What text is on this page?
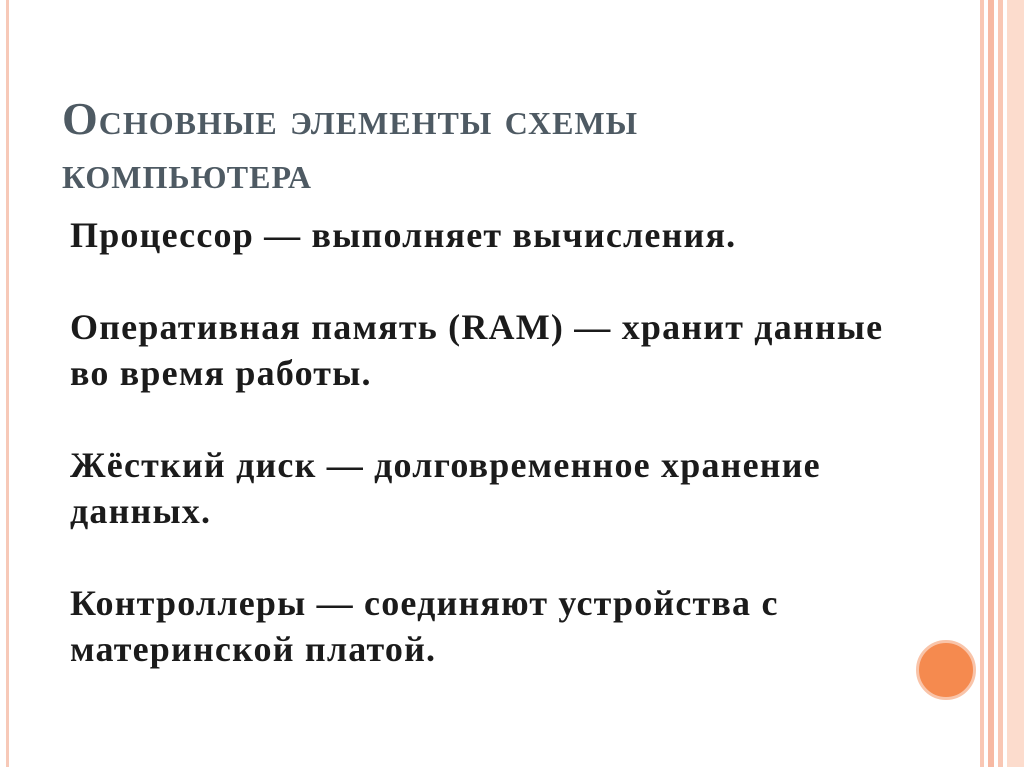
Основные элементы схемы компьютера

Процессор — выполняет вычисления.

Оперативная память (RAM) — хранит данные во время работы.

Жёсткий диск — долговременное хранение данных.

Контроллеры — соединяют устройства с материнской платой.
